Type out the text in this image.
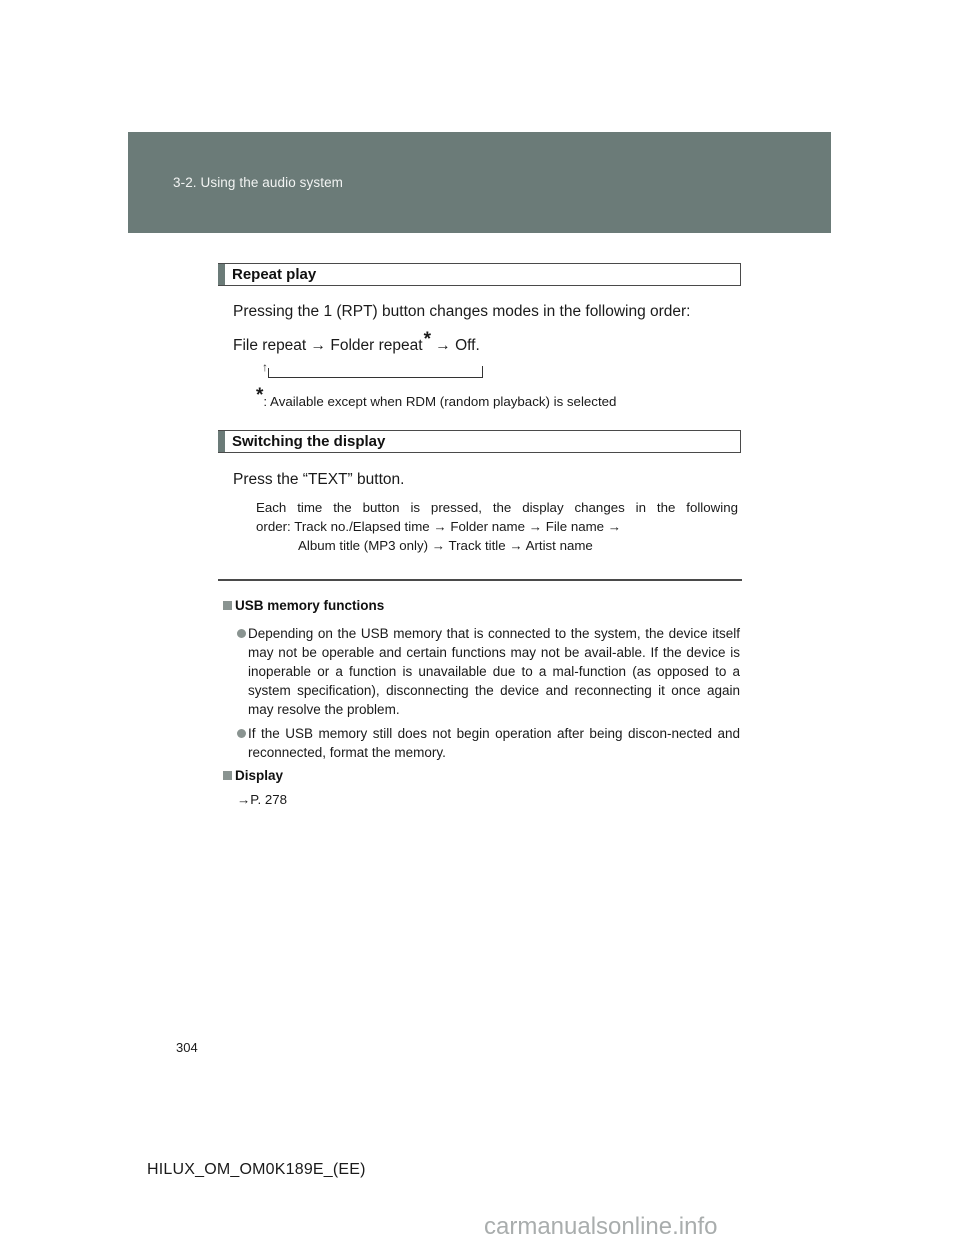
3-2. Using the audio system
Repeat play
Pressing the 1 (RPT) button changes modes in the following order:
File repeat → Folder repeat* → Off.
↑
*: Available except when RDM (random playback) is selected
Switching the display
Press the “TEXT” button.
Each time the button is pressed, the display changes in the following
order: Track no./Elapsed time → Folder name → File name →
Album title (MP3 only) → Track title → Artist name
USB memory functions
Depending on the USB memory that is connected to the system, the device itself may not be operable and certain functions may not be avail-able. If the device is inoperable or a function is unavailable due to a mal-function (as opposed to a system specification), disconnecting the device and reconnecting it once again may resolve the problem.
If the USB memory still does not begin operation after being discon-nected and reconnected, format the memory.
Display
→P. 278
304
HILUX_OM_OM0K189E_(EE)
carmanualsonline.info
